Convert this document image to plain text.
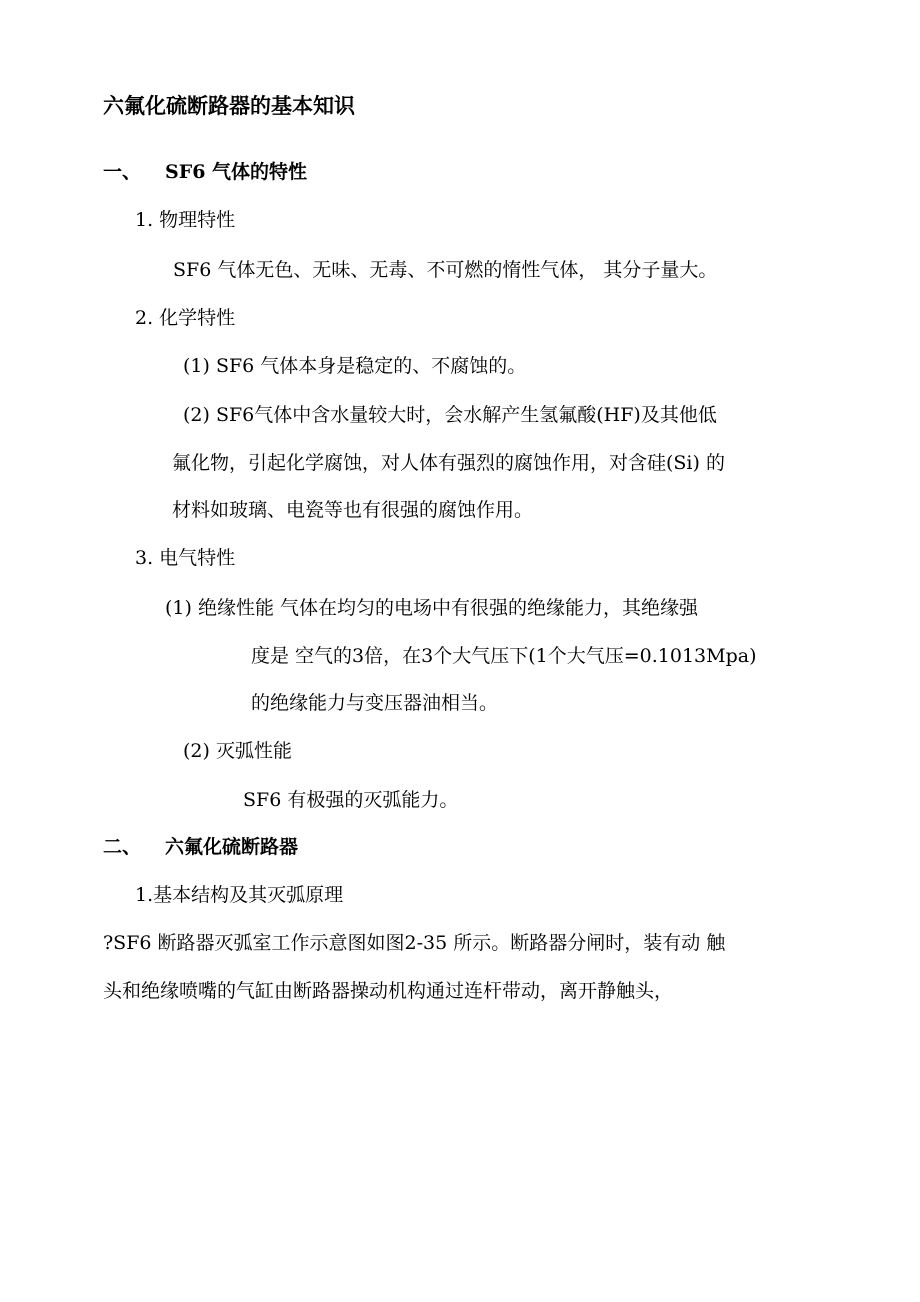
六氟化硫断路器的基本知识
一、 SF6 气体的特性
1. 物理特性
SF6 气体无色、无味、无毒、不可燃的惰性气体， 其分子量大。
2. 化学特性
(1) SF6 气体本身是稳定的、不腐蚀的。
(2) SF6气体中含水量较大时，会水解产生氢氟酸(HF)及其他低
氟化物，引起化学腐蚀，对人体有强烈的腐蚀作用，对含硅(Si) 的
材料如玻璃、电瓷等也有很强的腐蚀作用。
3. 电气特性
(1) 绝缘性能 气体在均匀的电场中有很强的绝缘能力，其绝缘强
度是 空气的3倍，在3个大气压下(1个大气压=0.1013Mpa)
的绝缘能力与变压器油相当。
(2) 灭弧性能
SF6 有极强的灭弧能力。
二、 六氟化硫断路器
1.基本结构及其灭弧原理
?SF6 断路器灭弧室工作示意图如图2-35 所示。断路器分闸时，装有动 触
头和绝缘喷嘴的气缸由断路器操动机构通过连杆带动，离开静触头，
